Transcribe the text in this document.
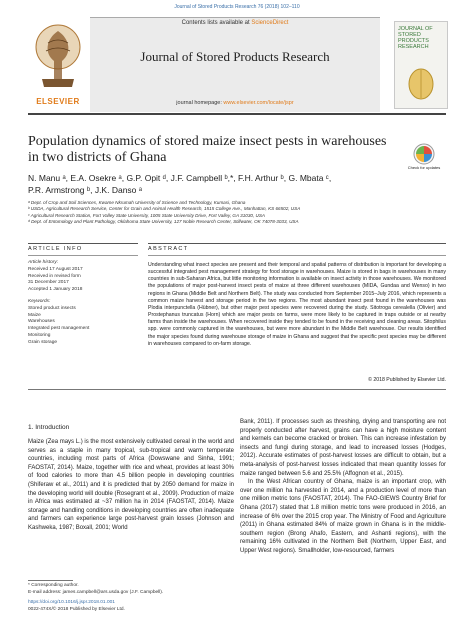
Journal of Stored Products Research 76 (2018) 102–110
ELSEVIER
Contents lists available at ScienceDirect
Journal of Stored Products Research
journal homepage: www.elsevier.com/locate/jspr
JOURNAL OF STORED PRODUCTS RESEARCH
Population dynamics of stored maize insect pests in warehouses in two districts of Ghana
Check for updates
N. Manu ᵃ, E.A. Osekre ᵃ, G.P. Opit ᵈ, J.F. Campbell ᵇ,*, F.H. Arthur ᵇ, G. Mbata ᶜ,
P.R. Armstrong ᵇ, J.K. Danso ᵃ
ᵃ Dept. of Crop and Soil Sciences, Kwame Nkrumah University of Science and Technology, Kumasi, Ghana
ᵇ USDA, Agricultural Research Service, Center for Grain and Animal Health Research, 1515 College Ave., Manhattan, KS 66502, USA
ᶜ Agricultural Research Station, Fort Valley State University, 1005 State University Drive, Fort Valley, GA 31030, USA
ᵈ Dept. of Entomology and Plant Pathology, Oklahoma State University, 127 Noble Research Center, Stillwater, OK 74078-3033, USA
ARTICLE INFO
Article history:
Received 17 August 2017
Received in revised form
31 December 2017
Accepted 1 January 2018
Keywords:
Stored product insects
Maize
Warehouses
Integrated pest management
Monitoring
Grain storage
ABSTRACT
Understanding what insect species are present and their temporal and spatial patterns of distribution is important for developing a successful integrated pest management strategy for food storage in warehouses. Maize is stored in bags in warehouses in many countries in sub-Saharan Africa, but little monitoring information is available on insect activity in those warehouses. We monitored the populations of major post-harvest insect pests of maize at three different warehouses (MIDA, Gundaa and Wenso) in two regions in Ghana (Middle Belt and Northern Belt). The study was conducted from September 2015–July 2016, which represents a common maize harvest and storage period in the two regions. The most abundant insect pest found in the warehouses was Plodia interpunctella (Hübner), but other major pest species were recovered during the study. Sitotroga cerealella (Olivier) and Prostephanus truncatus (Horn) which are major pests on farms, were more likely to be captured in traps outside or at nearby farms than inside the warehouses. When recovered inside they tended to be found in the receiving and cleaning areas. Sitophilus spp. were commonly captured in the warehouses, but were more abundant in the Middle Belt warehouse. Our results identified the major species found during warehouse storage of maize in Ghana and suggest that the specific pest species may be different in warehouses compared to on-farm storage.
© 2018 Published by Elsevier Ltd.
1. Introduction
Maize (Zea mays L.) is the most extensively cultivated cereal in the world and serves as a staple in many tropical, sub-tropical and warm temperate countries, including most parts of Africa (Dowswane and Sinha, 1991; FAOSTAT, 2014). Maize, together with rice and wheat, provides at least 30% of food calories to more than 4.5 billion people in developing countries (Shiferaw et al., 2011) and it is predicted that by 2050 demand for maize in the developing world will double (Rosegrant et al., 2009). Production of maize in Africa was estimated at ~37 million ha in 2014 (FAOSTAT, 2014). Maize storage and handling conditions in developing countries are often inadequate and farmers can experience large post-harvest grain losses (Johnson and Kashweka, 1987; Boxall, 2001; World
Bank, 2011). If processes such as threshing, drying and transporting are not properly conducted after harvest, grains can have a high moisture content and kernels can become cracked or broken. This can increase infestation by insects and fungi during storage, and lead to increased losses (Hodges, 2012). Accurate estimates of post-harvest losses are difficult to obtain, but a meta-analysis of post-harvest losses indicated that mean quantity losses for maize ranged between 5.6 and 25.5% (Affognon et al., 2015).
In the West African country of Ghana, maize is an important crop, with over one million ha harvested in 2014, and a production level of more than one million metric tons (FAOSTAT, 2014). The FAO-GIEWS Country Brief for Ghana (2017) stated that 1.8 million metric tons were produced in 2016, an increase of 6% over the 2015 crop year. The Ministry of Food and Agriculture (2011) in Ghana estimated 84% of maize grown in Ghana is in the middle-southern region (Brong Ahafo, Eastern, and Ashanti regions), with the remaining 16% cultivated in the Northern Belt (Northern, Upper East, and Upper West regions). Smallholder, low-resourced, farmers
* Corresponding author.
E-mail address: james.campbell@ars.usda.gov (J.F. Campbell).
https://doi.org/10.1016/j.jspr.2018.01.001
0022-474X/© 2018 Published by Elsevier Ltd.
